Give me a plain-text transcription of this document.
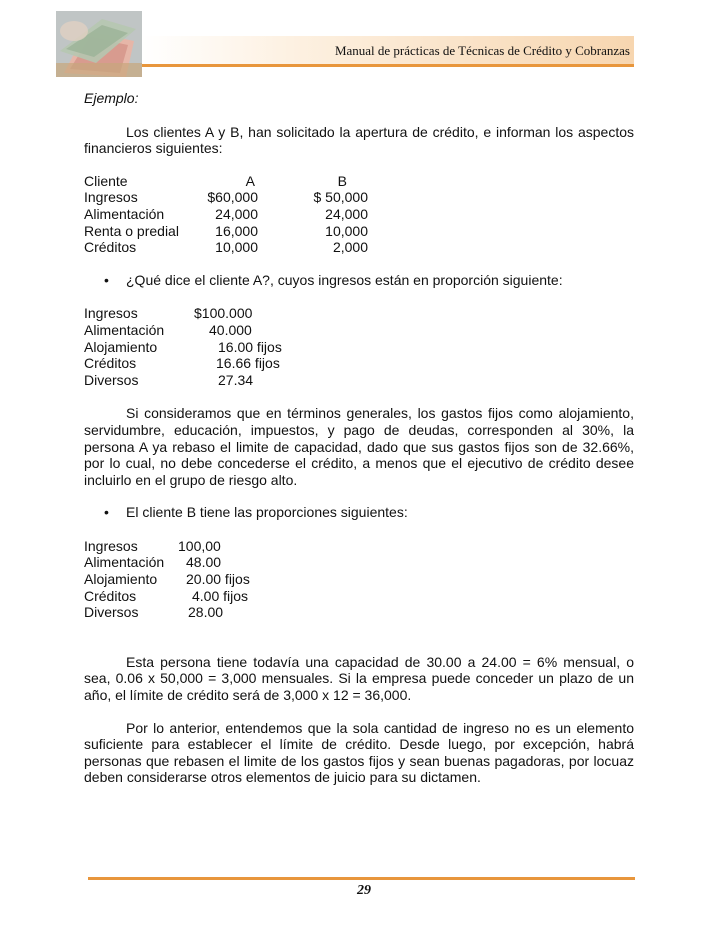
Manual de prácticas de Técnicas de Crédito y Cobranzas

Ejemplo:

Los clientes A y B, han solicitado la apertura de crédito, e informan los aspectos financieros siguientes:

Cliente	A	B
Ingresos	$60,000	$ 50,000
Alimentación	24,000	24,000
Renta o predial	16,000	10,000
Créditos	10,000	2,000

• ¿Qué dice el cliente A?, cuyos ingresos están en proporción siguiente:

Ingresos	$100.000
Alimentación	40.000
Alojamiento	16.00 fijos
Créditos	16.66 fijos
Diversos	27.34

Si consideramos que en términos generales, los gastos fijos como alojamiento, servidumbre, educación, impuestos, y pago de deudas, corresponden al 30%, la persona A ya rebaso el limite de capacidad, dado que sus gastos fijos son de 32.66%, por lo cual, no debe concederse el crédito, a menos que el ejecutivo de crédito desee incluirlo en el grupo de riesgo alto.

• El cliente B tiene las proporciones siguientes:

Ingresos	100,00
Alimentación	48.00
Alojamiento	20.00 fijos
Créditos	4.00 fijos
Diversos	28.00

Esta persona tiene todavía una capacidad de 30.00 a 24.00 = 6% mensual, o sea, 0.06 x 50,000 = 3,000 mensuales. Si la empresa puede conceder un plazo de un año, el límite de crédito será de 3,000 x 12 = 36,000.

Por lo anterior, entendemos que la sola cantidad de ingreso no es un elemento suficiente para establecer el límite de crédito. Desde luego, por excepción, habrá personas que rebasen el limite de los gastos fijos y sean buenas pagadoras, por locuaz deben considerarse otros elementos de juicio para su dictamen.

29
